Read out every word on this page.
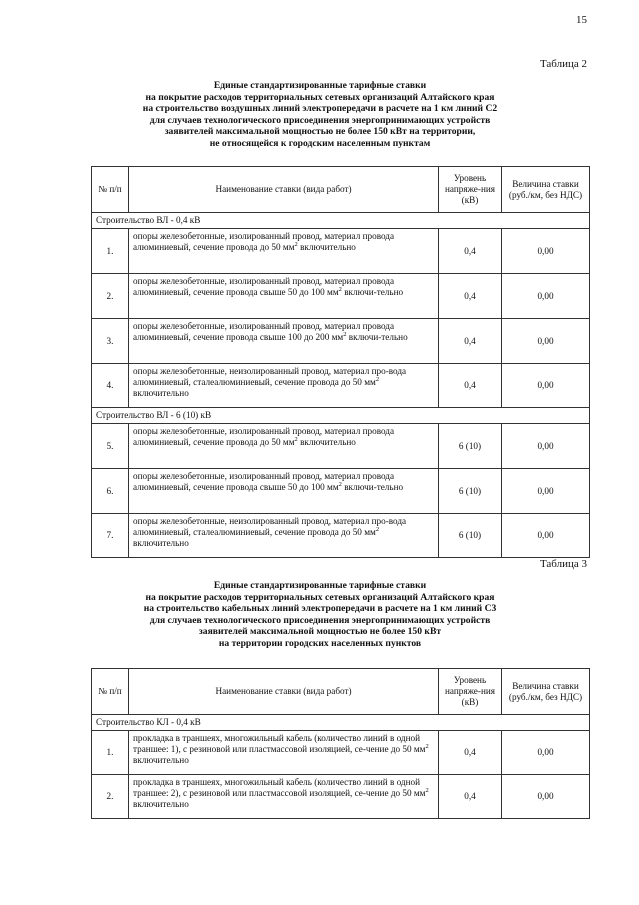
15
Таблица 2
Единые стандартизированные тарифные ставки
на покрытие расходов территориальных сетевых организаций Алтайского края
на строительство воздушных линий электропередачи в расчете на 1 км линий С2
для случаев технологического присоединения энергопринимающих устройств
заявителей максимальной мощностью не более 150 кВт на территории,
не относящейся к городским населенным пунктам
№ п/п	Наименование ставки (вида работ)	Уровень напряже-ния (кВ)	Величина ставки (руб./км, без НДС)
Строительство ВЛ - 0,4 кВ			
1.	опоры железобетонные, изолированный провод, материал провода алюминиевый, сечение провода до 50 $мм^2$ включительно	0,4	0,00
2.	опоры железобетонные, изолированный провод, материал провода алюминиевый, сечение провода свыше 50 до 100 $мм^2$ включи-тельно	0,4	0,00
3.	опоры железобетонные, изолированный провод, материал провода алюминиевый, сечение провода свыше 100 до 200 $мм^2$ включи-тельно	0,4	0,00
4.	опоры железобетонные, неизолированный провод, материал про-вода алюминиевый, сталеалюминиевый, сечение провода до 50 $мм^2$ включительно	0,4	0,00
Строительство ВЛ - 6 (10) кВ			
5.	опоры железобетонные, изолированный провод, материал провода алюминиевый, сечение провода до 50 $мм^2$ включительно	6 (10)	0,00
6.	опоры железобетонные, изолированный провод, материал провода алюминиевый, сечение провода свыше 50 до 100 $мм^2$ включи-тельно	6 (10)	0,00
7.	опоры железобетонные, неизолированный провод, материал про-вода алюминиевый, сталеалюминиевый, сечение провода до 50 $мм^2$ включительно	6 (10)	0,00
Таблица 3
Единые стандартизированные тарифные ставки
на покрытие расходов территориальных сетевых организаций Алтайского края
на строительство кабельных линий электропередачи в расчете на 1 км линий С3
для случаев технологического присоединения энергопринимающих устройств
заявителей максимальной мощностью не более 150 кВт
на территории городских населенных пунктов
№ п/п	Наименование ставки (вида работ)	Уровень напряже-ния (кВ)	Величина ставки (руб./км, без НДС)
Строительство КЛ - 0,4 кВ			
1.	прокладка в траншеях, многожильный кабель (количество линий в одной траншее: 1), с резиновой или пластмассовой изоляцией, се-чение до 50 $мм^2$ включительно	0,4	0,00
2.	прокладка в траншеях, многожильный кабель (количество линий в одной траншее: 2), с резиновой или пластмассовой изоляцией, се-чение до 50 $мм^2$ включительно	0,4	0,00
